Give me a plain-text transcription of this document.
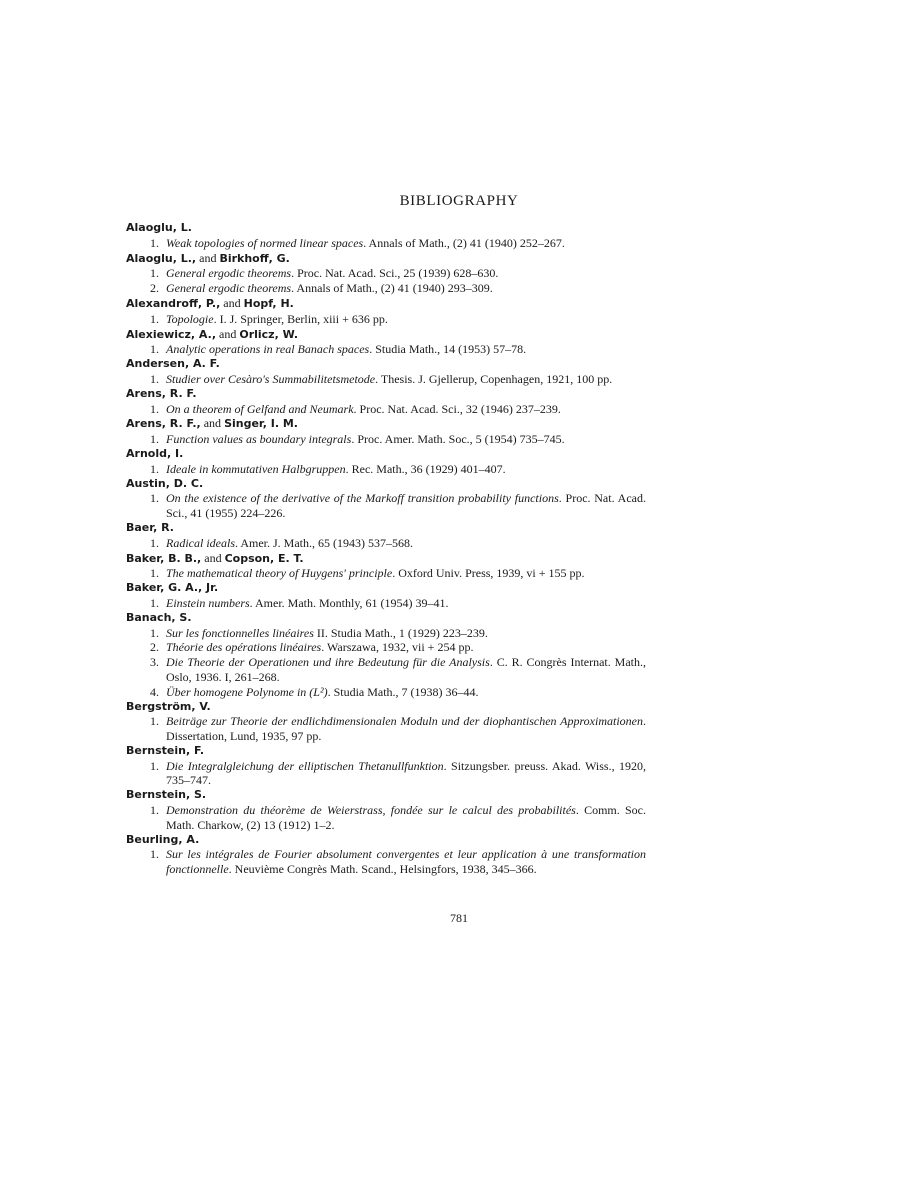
BIBLIOGRAPHY
Alaoglu, L.
1. Weak topologies of normed linear spaces. Annals of Math., (2) 41 (1940) 252–267.
Alaoglu, L., and Birkhoff, G.
1. General ergodic theorems. Proc. Nat. Acad. Sci., 25 (1939) 628–630.
2. General ergodic theorems. Annals of Math., (2) 41 (1940) 293–309.
Alexandroff, P., and Hopf, H.
1. Topologie. I. J. Springer, Berlin, xiii + 636 pp.
Alexiewicz, A., and Orlicz, W.
1. Analytic operations in real Banach spaces. Studia Math., 14 (1953) 57–78.
Andersen, A. F.
1. Studier over Cesàro's Summabilitetsmetode. Thesis. J. Gjellerup, Copenhagen, 1921, 100 pp.
Arens, R. F.
1. On a theorem of Gelfand and Neumark. Proc. Nat. Acad. Sci., 32 (1946) 237–239.
Arens, R. F., and Singer, I. M.
1. Function values as boundary integrals. Proc. Amer. Math. Soc., 5 (1954) 735–745.
Arnold, I.
1. Ideale in kommutativen Halbgruppen. Rec. Math., 36 (1929) 401–407.
Austin, D. C.
1. On the existence of the derivative of the Markoff transition probability functions. Proc. Nat. Acad. Sci., 41 (1955) 224–226.
Baer, R.
1. Radical ideals. Amer. J. Math., 65 (1943) 537–568.
Baker, B. B., and Copson, E. T.
1. The mathematical theory of Huygens' principle. Oxford Univ. Press, 1939, vi + 155 pp.
Baker, G. A., Jr.
1. Einstein numbers. Amer. Math. Monthly, 61 (1954) 39–41.
Banach, S.
1. Sur les fonctionnelles linéaires II. Studia Math., 1 (1929) 223–239.
2. Théorie des opérations linéaires. Warszawa, 1932, vii + 254 pp.
3. Die Theorie der Operationen und ihre Bedeutung für die Analysis. C. R. Congrès Internat. Math., Oslo, 1936. I, 261–268.
4. Über homogene Polynome in (L²). Studia Math., 7 (1938) 36–44.
Bergström, V.
1. Beiträge zur Theorie der endlichdimensionalen Moduln und der diophantischen Approximationen. Dissertation, Lund, 1935, 97 pp.
Bernstein, F.
1. Die Integralgleichung der elliptischen Thetanullfunktion. Sitzungsber. preuss. Akad. Wiss., 1920, 735–747.
Bernstein, S.
1. Demonstration du théorème de Weierstrass, fondée sur le calcul des probabilités. Comm. Soc. Math. Charkow, (2) 13 (1912) 1–2.
Beurling, A.
1. Sur les intégrales de Fourier absolument convergentes et leur application à une transformation fonctionnelle. Neuvième Congrès Math. Scand., Helsingfors, 1938, 345–366.
781
